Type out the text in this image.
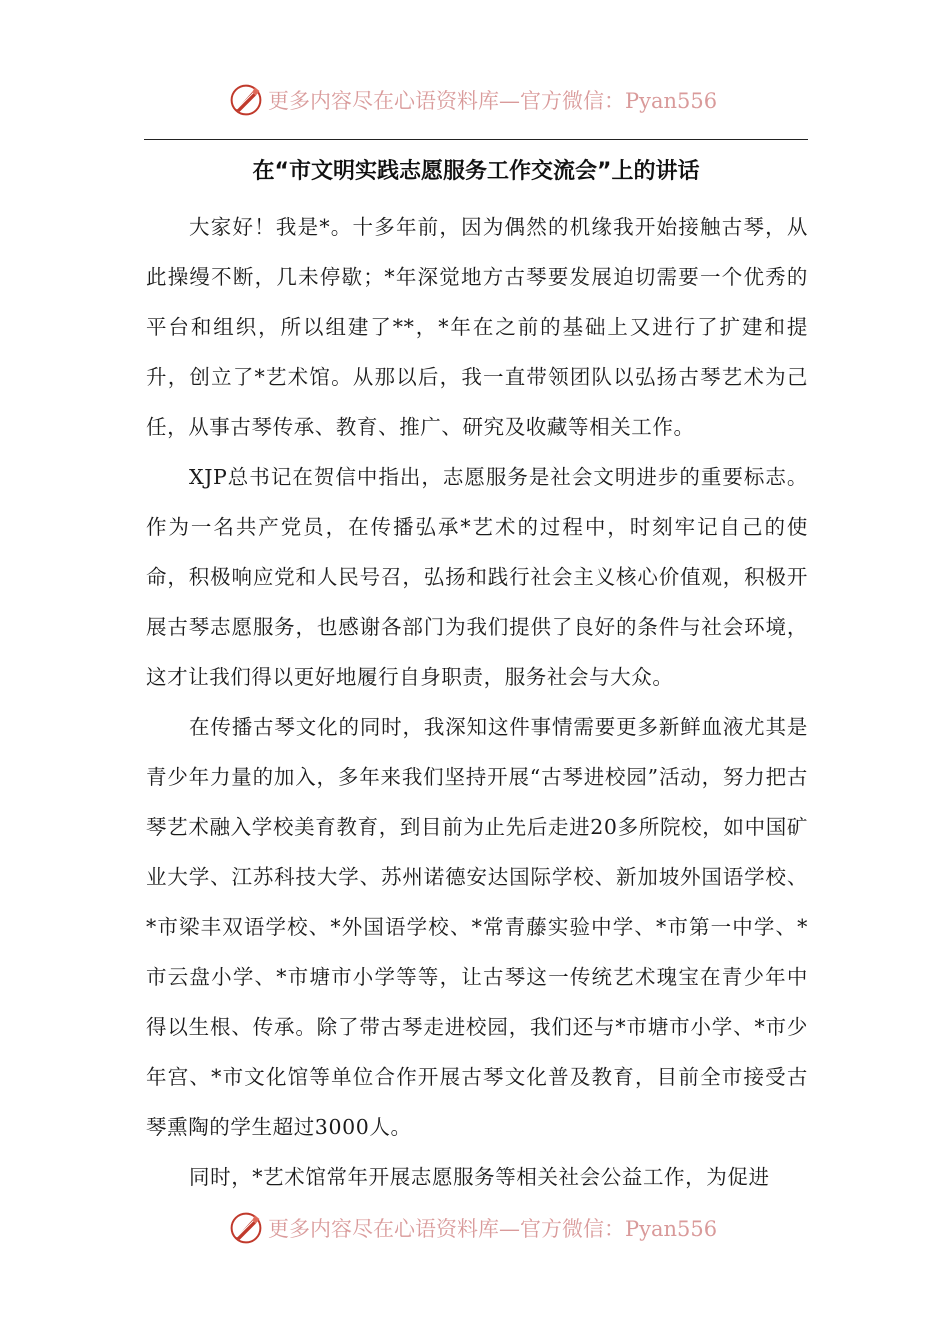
更多内容尽在心语资料库—官方微信：Pyan556
在“市文明实践志愿服务工作交流会”上的讲话

大家好！我是*。十多年前，因为偶然的机缘我开始接触古琴，从此操缦不断，几未停歇；*年深觉地方古琴要发展迫切需要一个优秀的平台和组织，所以组建了**，*年在之前的基础上又进行了扩建和提升，创立了*艺术馆。从那以后，我一直带领团队以弘扬古琴艺术为己任，从事古琴传承、教育、推广、研究及收藏等相关工作。

XJP总书记在贺信中指出，志愿服务是社会文明进步的重要标志。作为一名共产党员，在传播弘承*艺术的过程中，时刻牢记自己的使命，积极响应党和人民号召，弘扬和践行社会主义核心价值观，积极开展古琴志愿服务，也感谢各部门为我们提供了良好的条件与社会环境，这才让我们得以更好地履行自身职责，服务社会与大众。

在传播古琴文化的同时，我深知这件事情需要更多新鲜血液尤其是青少年力量的加入，多年来我们坚持开展“古琴进校园”活动，努力把古琴艺术融入学校美育教育，到目前为止先后走进20多所院校，如中国矿业大学、江苏科技大学、苏州诺德安达国际学校、新加坡外国语学校、*市梁丰双语学校、*外国语学校、*常青藤实验中学、*市第一中学、*市云盘小学、*市塘市小学等等，让古琴这一传统艺术瑰宝在青少年中得以生根、传承。除了带古琴走进校园，我们还与*市塘市小学、*市少年宫、*市文化馆等单位合作开展古琴文化普及教育，目前全市接受古琴熏陶的学生超过3000人。

同时，*艺术馆常年开展志愿服务等相关社会公益工作，为促进

更多内容尽在心语资料库—官方微信：Pyan556
